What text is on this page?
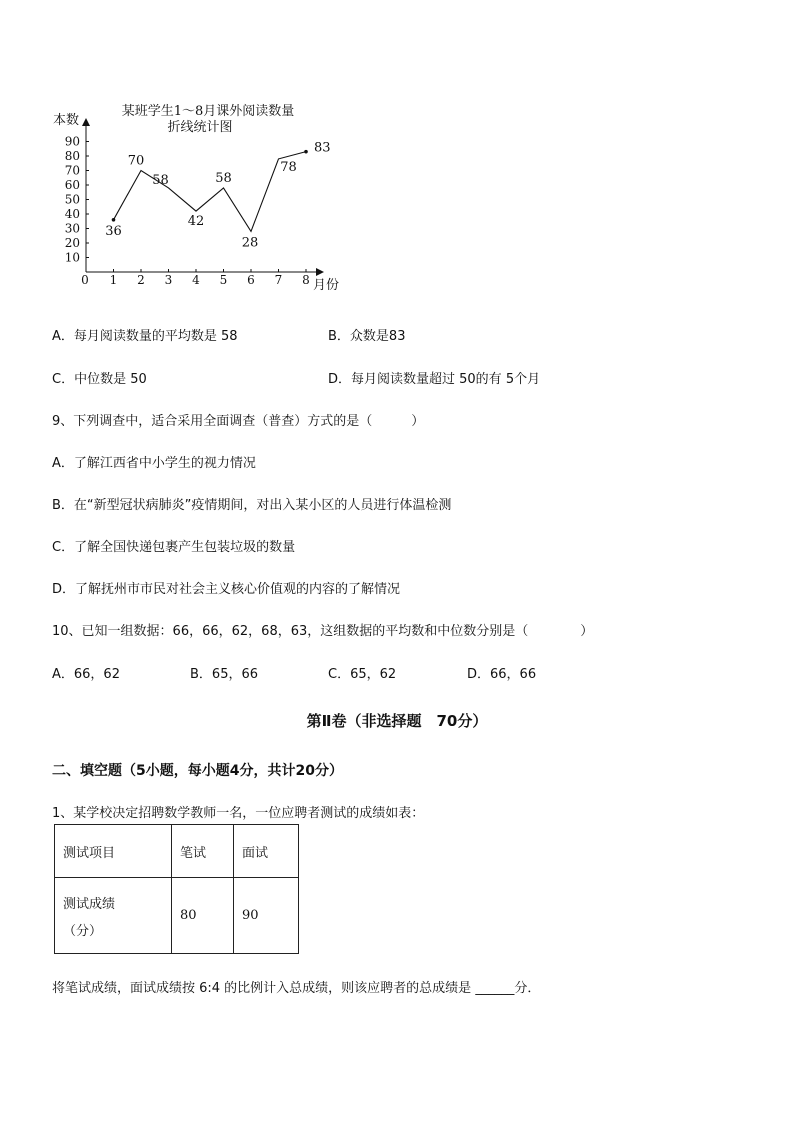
某班学生1～8月课外阅读数量
折线统计图
本数
月份
0 1 2 3 4 5 6 7 8
10
20
30
40
50
60
70
80
90
36
70
58
42
58
28
78
83
A．每月阅读数量的平均数是 58	B．众数是83
C．中位数是 50	D．每月阅读数量超过 50的有 5个月
9、下列调查中，适合采用全面调查（普查）方式的是（　　　）
A．了解江西省中小学生的视力情况
B．在“新型冠状病肺炎”疫情期间，对出入某小区的人员进行体温检测
C．了解全国快递包裹产生包装垃圾的数量
D．了解抚州市市民对社会主义核心价值观的内容的了解情况
10、已知一组数据：66，66，62，68，63，这组数据的平均数和中位数分别是（　　　　）
A．66，62	B．65，66	C．65，62	D．66，66
第Ⅱ卷（非选择题　70分）
二、填空题（5小题，每小题4分，共计20分）
1、某学校决定招聘数学教师一名，一位应聘者测试的成绩如表：
测试项目	笔试	面试

测试成绩
（分）	80	90
将笔试成绩，面试成绩按 6:4 的比例计入总成绩，则该应聘者的总成绩是 ______分．
